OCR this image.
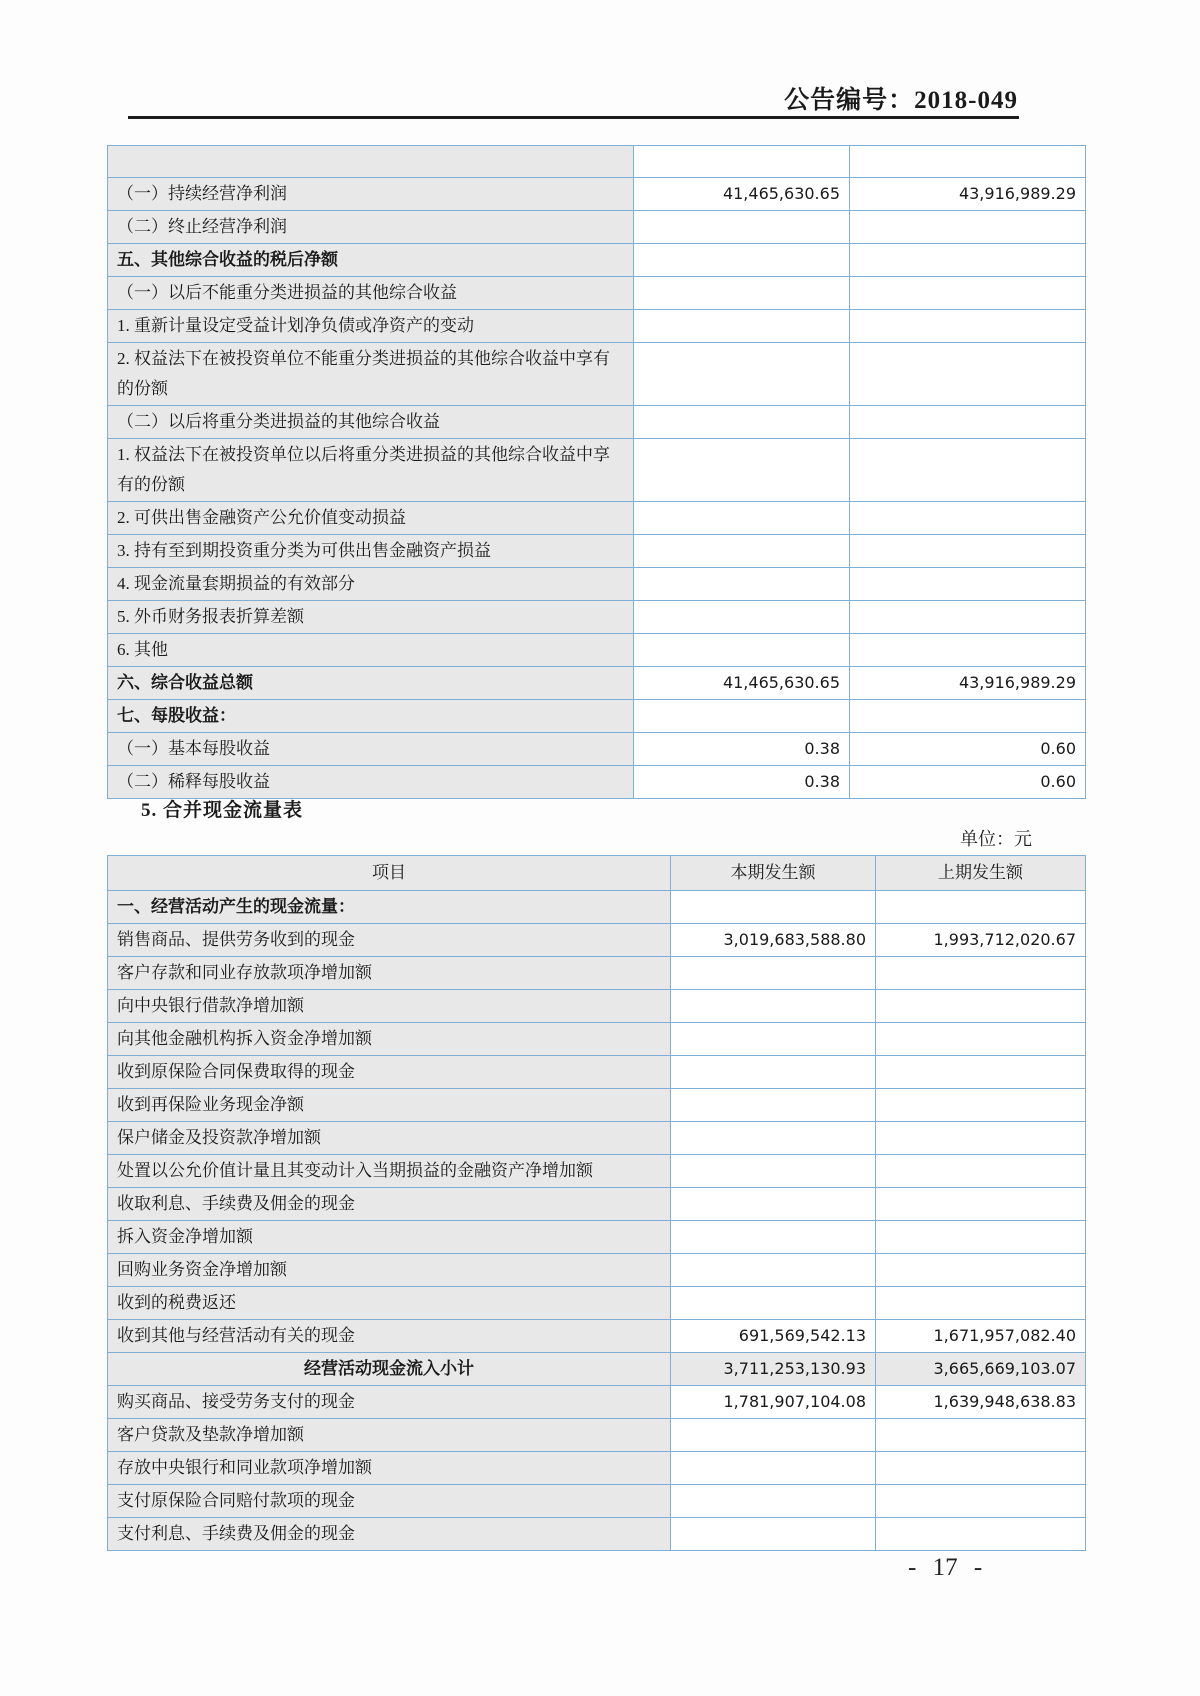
公告编号：2018-049

（一）持续经营净利润	41,465,630.65	43,916,989.29
（二）终止经营净利润		
五、其他综合收益的税后净额		
（一）以后不能重分类进损益的其他综合收益		
1. 重新计量设定受益计划净负债或净资产的变动		
2. 权益法下在被投资单位不能重分类进损益的其他综合收益中享有的份额		
（二）以后将重分类进损益的其他综合收益		
1. 权益法下在被投资单位以后将重分类进损益的其他综合收益中享有的份额		
2. 可供出售金融资产公允价值变动损益		
3. 持有至到期投资重分类为可供出售金融资产损益		
4. 现金流量套期损益的有效部分		
5. 外币财务报表折算差额		
6. 其他		
六、综合收益总额	41,465,630.65	43,916,989.29
七、每股收益：		
（一）基本每股收益	0.38	0.60
（二）稀释每股收益	0.38	0.60
5. 合并现金流量表
单位：元
项目	本期发生额	上期发生额
一、经营活动产生的现金流量：		
销售商品、提供劳务收到的现金	3,019,683,588.80	1,993,712,020.67
客户存款和同业存放款项净增加额		
向中央银行借款净增加额		
向其他金融机构拆入资金净增加额		
收到原保险合同保费取得的现金		
收到再保险业务现金净额		
保户储金及投资款净增加额		
处置以公允价值计量且其变动计入当期损益的金融资产净增加额		
收取利息、手续费及佣金的现金		
拆入资金净增加额		
回购业务资金净增加额		
收到的税费返还		
收到其他与经营活动有关的现金	691,569,542.13	1,671,957,082.40
经营活动现金流入小计	3,711,253,130.93	3,665,669,103.07
购买商品、接受劳务支付的现金	1,781,907,104.08	1,639,948,638.83
客户贷款及垫款净增加额		
存放中央银行和同业款项净增加额		
支付原保险合同赔付款项的现金		
支付利息、手续费及佣金的现金		
- 17 -
